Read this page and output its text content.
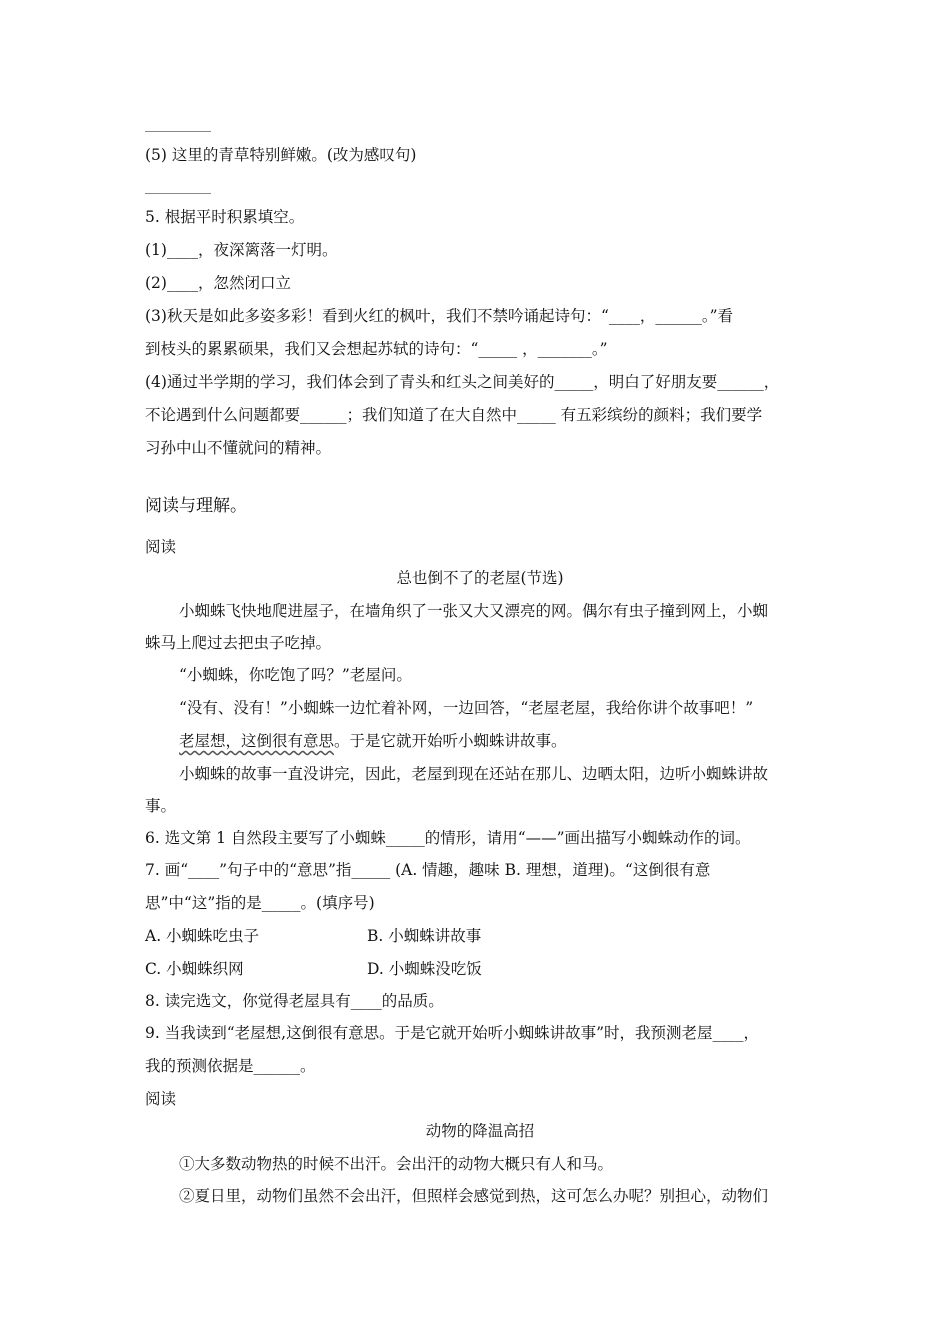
(5) 这里的青草特别鲜嫩。(改为感叹句)
5. 根据平时积累填空。
(1)____，夜深篱落一灯明。
(2)____，忽然闭口立
(3)秋天是如此多姿多彩！看到火红的枫叶，我们不禁吟诵起诗句：“____，______。”看
到枝头的累累硕果，我们又会想起苏轼的诗句：“_____ ，_______。”
(4)通过半学期的学习，我们体会到了青头和红头之间美好的_____，明白了好朋友要______，
不论遇到什么问题都要______；我们知道了在大自然中_____ 有五彩缤纷的颜料；我们要学
习孙中山不懂就问的精神。
阅读与理解。
阅读
总也倒不了的老屋(节选)
小蜘蛛飞快地爬进屋子，在墙角织了一张又大又漂亮的网。偶尔有虫子撞到网上，小蜘
蛛马上爬过去把虫子吃掉。
“小蜘蛛，你吃饱了吗？”老屋问。
“没有、没有！”小蜘蛛一边忙着补网，一边回答，“老屋老屋，我给你讲个故事吧！”
老屋想，这倒很有意思。于是它就开始听小蜘蛛讲故事。
小蜘蛛的故事一直没讲完，因此，老屋到现在还站在那儿、边晒太阳，边听小蜘蛛讲故
事。
6. 选文第 1 自然段主要写了小蜘蛛_____的情形，请用“——”画出描写小蜘蛛动作的词。
7. 画“____”句子中的“意思”指_____ (A. 情趣，趣味 B. 理想，道理)。“这倒很有意
思”中“这”指的是_____。(填序号)
A. 小蜘蛛吃虫子	B. 小蜘蛛讲故事
C. 小蜘蛛织网	D. 小蜘蛛没吃饭
8. 读完选文，你觉得老屋具有____的品质。
9. 当我读到“老屋想,这倒很有意思。于是它就开始听小蜘蛛讲故事”时，我预测老屋____，
我的预测依据是______。
阅读
动物的降温高招
①大多数动物热的时候不出汗。会出汗的动物大概只有人和马。
②夏日里，动物们虽然不会出汗，但照样会感觉到热，这可怎么办呢？别担心，动物们
